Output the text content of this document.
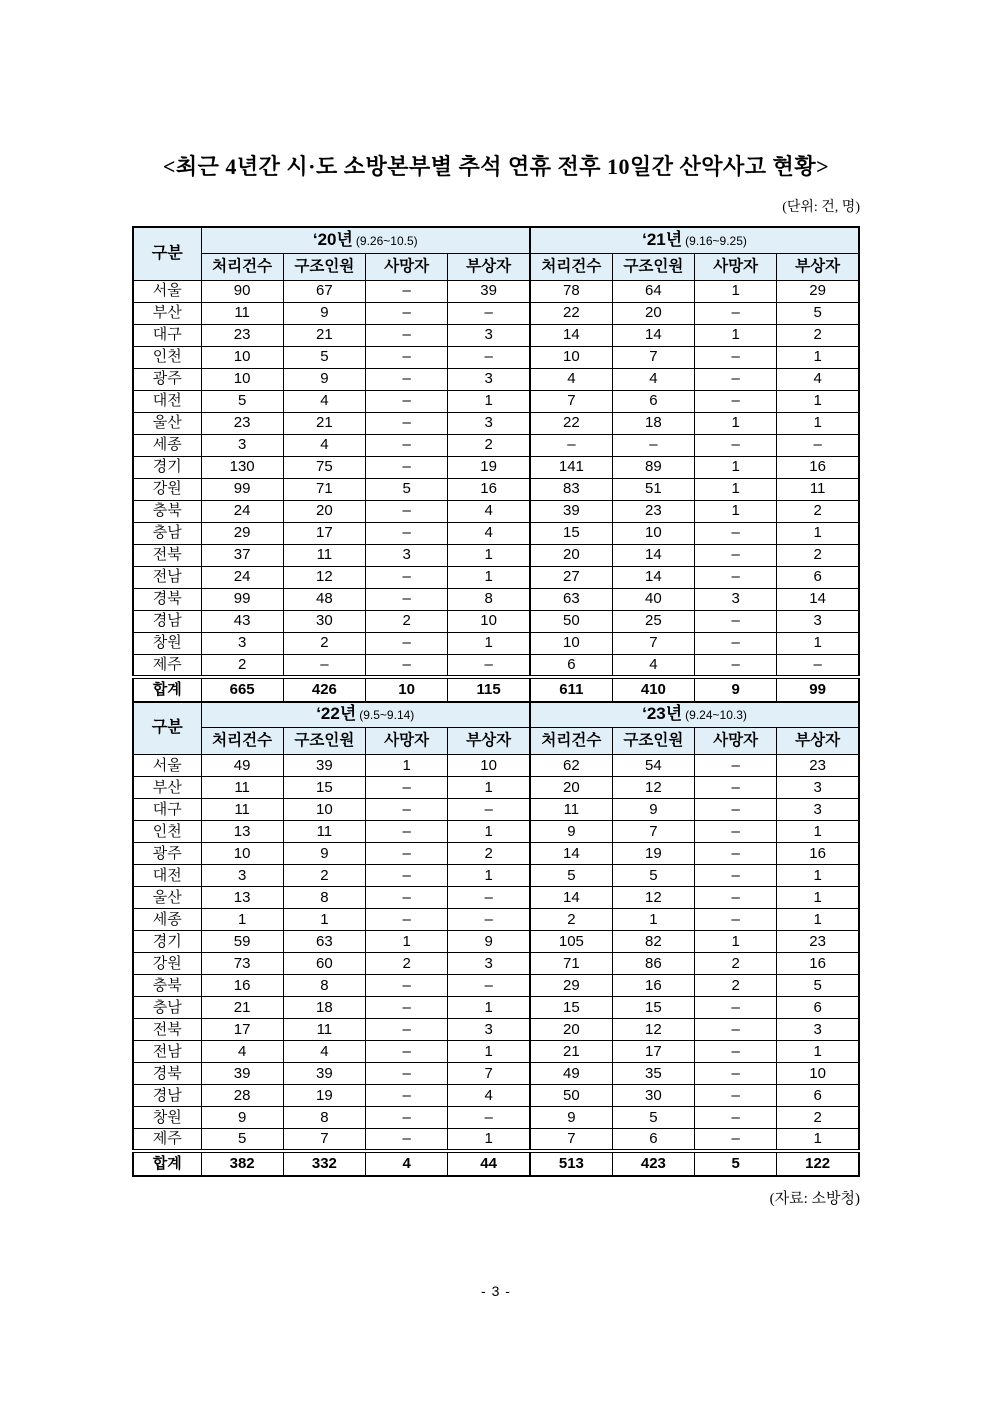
<최근 4년간 시·도 소방본부별 추석 연휴 전후 10일간 산악사고 현황>
(단위: 건, 명)
구분	‘20년 (9.26~10.5)				‘21년 (9.16~9.25)			
	처리건수	구조인원	사망자	부상자	처리건수	구조인원	사망자	부상자
서울	90	67	–	39	78	64	1	29
부산	11	9	–	–	22	20	–	5
대구	23	21	–	3	14	14	1	2
인천	10	5	–	–	10	7	–	1
광주	10	9	–	3	4	4	–	4
대전	5	4	–	1	7	6	–	1
울산	23	21	–	3	22	18	1	1
세종	3	4	–	2	–	–	–	–
경기	130	75	–	19	141	89	1	16
강원	99	71	5	16	83	51	1	11
충북	24	20	–	4	39	23	1	2
충남	29	17	–	4	15	10	–	1
전북	37	11	3	1	20	14	–	2
전남	24	12	–	1	27	14	–	6
경북	99	48	–	8	63	40	3	14
경남	43	30	2	10	50	25	–	3
창원	3	2	–	1	10	7	–	1
제주	2	–	–	–	6	4	–	–
합계	665	426	10	115	611	410	9	99
구분	‘22년 (9.5~9.14)				‘23년 (9.24~10.3)			
	처리건수	구조인원	사망자	부상자	처리건수	구조인원	사망자	부상자
서울	49	39	1	10	62	54	–	23
부산	11	15	–	1	20	12	–	3
대구	11	10	–	–	11	9	–	3
인천	13	11	–	1	9	7	–	1
광주	10	9	–	2	14	19	–	16
대전	3	2	–	1	5	5	–	1
울산	13	8	–	–	14	12	–	1
세종	1	1	–	–	2	1	–	1
경기	59	63	1	9	105	82	1	23
강원	73	60	2	3	71	86	2	16
충북	16	8	–	–	29	16	2	5
충남	21	18	–	1	15	15	–	6
전북	17	11	–	3	20	12	–	3
전남	4	4	–	1	21	17	–	1
경북	39	39	–	7	49	35	–	10
경남	28	19	–	4	50	30	–	6
창원	9	8	–	–	9	5	–	2
제주	5	7	–	1	7	6	–	1
합계	382	332	4	44	513	423	5	122
(자료: 소방청)
- 3 -
